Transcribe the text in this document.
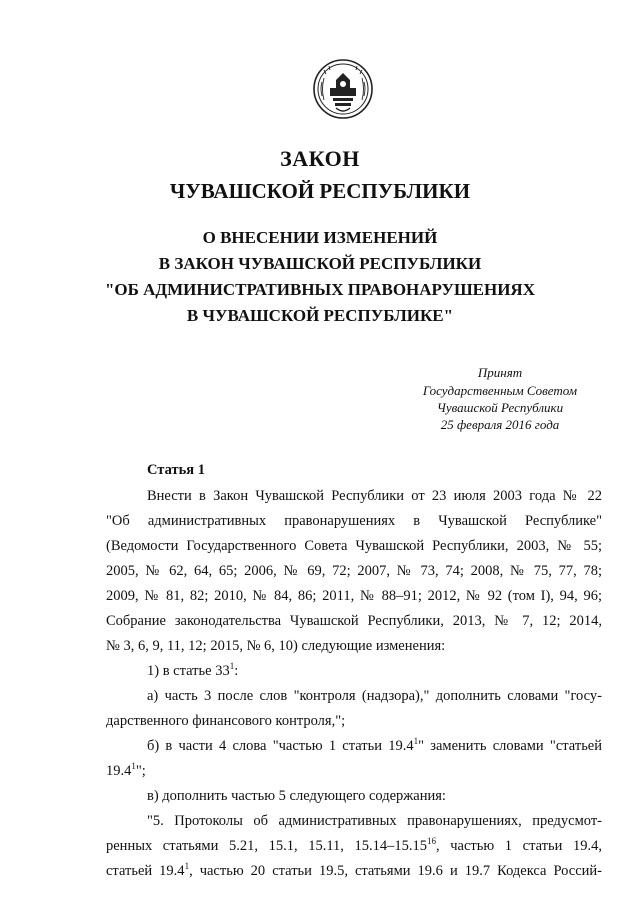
ЗАКОН
ЧУВАШСКОЙ РЕСПУБЛИКИ
О ВНЕСЕНИИ ИЗМЕНЕНИЙ
В ЗАКОН ЧУВАШСКОЙ РЕСПУБЛИКИ
"ОБ АДМИНИСТРАТИВНЫХ ПРАВОНАРУШЕНИЯХ
В ЧУВАШСКОЙ РЕСПУБЛИКЕ"
Принят
Государственным Советом
Чувашской Республики
25 февраля 2016 года
Статья 1
Внести в Закон Чувашской Республики от 23 июля 2003 года № 22
"Об административных правонарушениях в Чувашской Республике"
(Ведомости Государственного Совета Чувашской Республики, 2003, № 55;
2005, № 62, 64, 65; 2006, № 69, 72; 2007, № 73, 74; 2008, № 75, 77, 78;
2009, № 81, 82; 2010, № 84, 86; 2011, № 88–91; 2012, № 92 (том I), 94, 96;
Собрание законодательства Чувашской Республики, 2013, № 7, 12; 2014,
№ 3, 6, 9, 11, 12; 2015, № 6, 10) следующие изменения:
1) в статье $33^1$:
а) часть 3 после слов "контроля (надзора)," дополнить словами "госу-
дарственного финансового контроля,";
б) в части 4 слова "частью 1 статьи 19.4$^1$" заменить словами "статьей
19.4$^1$";
в) дополнить частью 5 следующего содержания:
"5. Протоколы об административных правонарушениях, предусмот-
ренных статьями 5.21, 15.1, 15.11, 15.14–15.15$^{16}$, частью 1 статьи 19.4,
статьей 19.4$^1$, частью 20 статьи 19.5, статьями 19.6 и 19.7 Кодекса Россий-
